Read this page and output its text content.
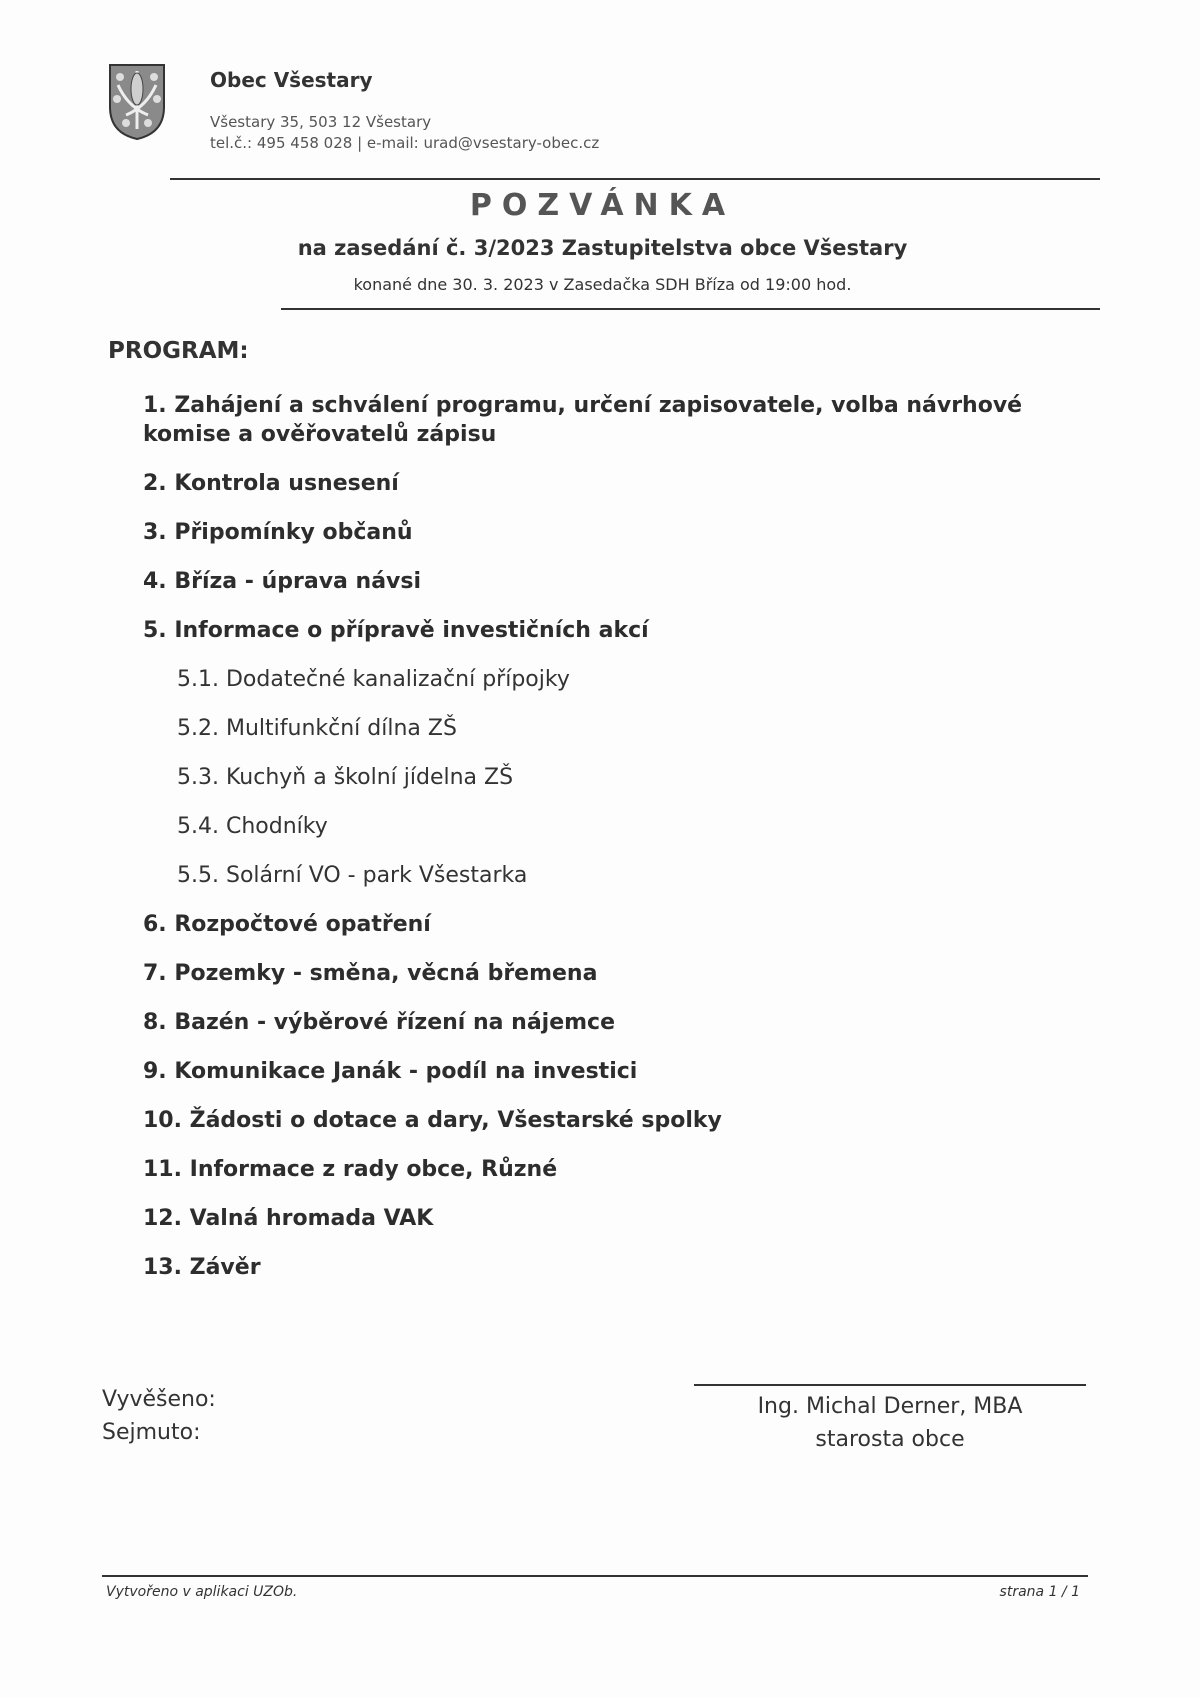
Obec Všestary
Všestary 35, 503 12 Všestary
tel.č.: 495 458 028 | e-mail: urad@vsestary-obec.cz
POZVÁNKA
na zasedání č. 3/2023 Zastupitelstva obce Všestary
konané dne 30. 3. 2023 v Zasedačka SDH Bříza od 19:00 hod.
PROGRAM:
1. Zahájení a schválení programu, určení zapisovatele, volba návrhové komise a ověřovatelů zápisu
2. Kontrola usnesení
3. Připomínky občanů
4. Bříza - úprava návsi
5. Informace o přípravě investičních akcí
5.1. Dodatečné kanalizační přípojky
5.2. Multifunkční dílna ZŠ
5.3. Kuchyň a školní jídelna ZŠ
5.4. Chodníky
5.5. Solární VO - park Všestarka
6. Rozpočtové opatření
7. Pozemky - směna, věcná břemena
8. Bazén - výběrové řízení na nájemce
9. Komunikace Janák - podíl na investici
10. Žádosti o dotace a dary, Všestarské spolky
11. Informace z rady obce, Různé
12. Valná hromada VAK
13. Závěr
Vyvěšeno:
Sejmuto:
Ing. Michal Derner, MBA
starosta obce
Vytvořeno v aplikaci UZOb.	strana 1 / 1
